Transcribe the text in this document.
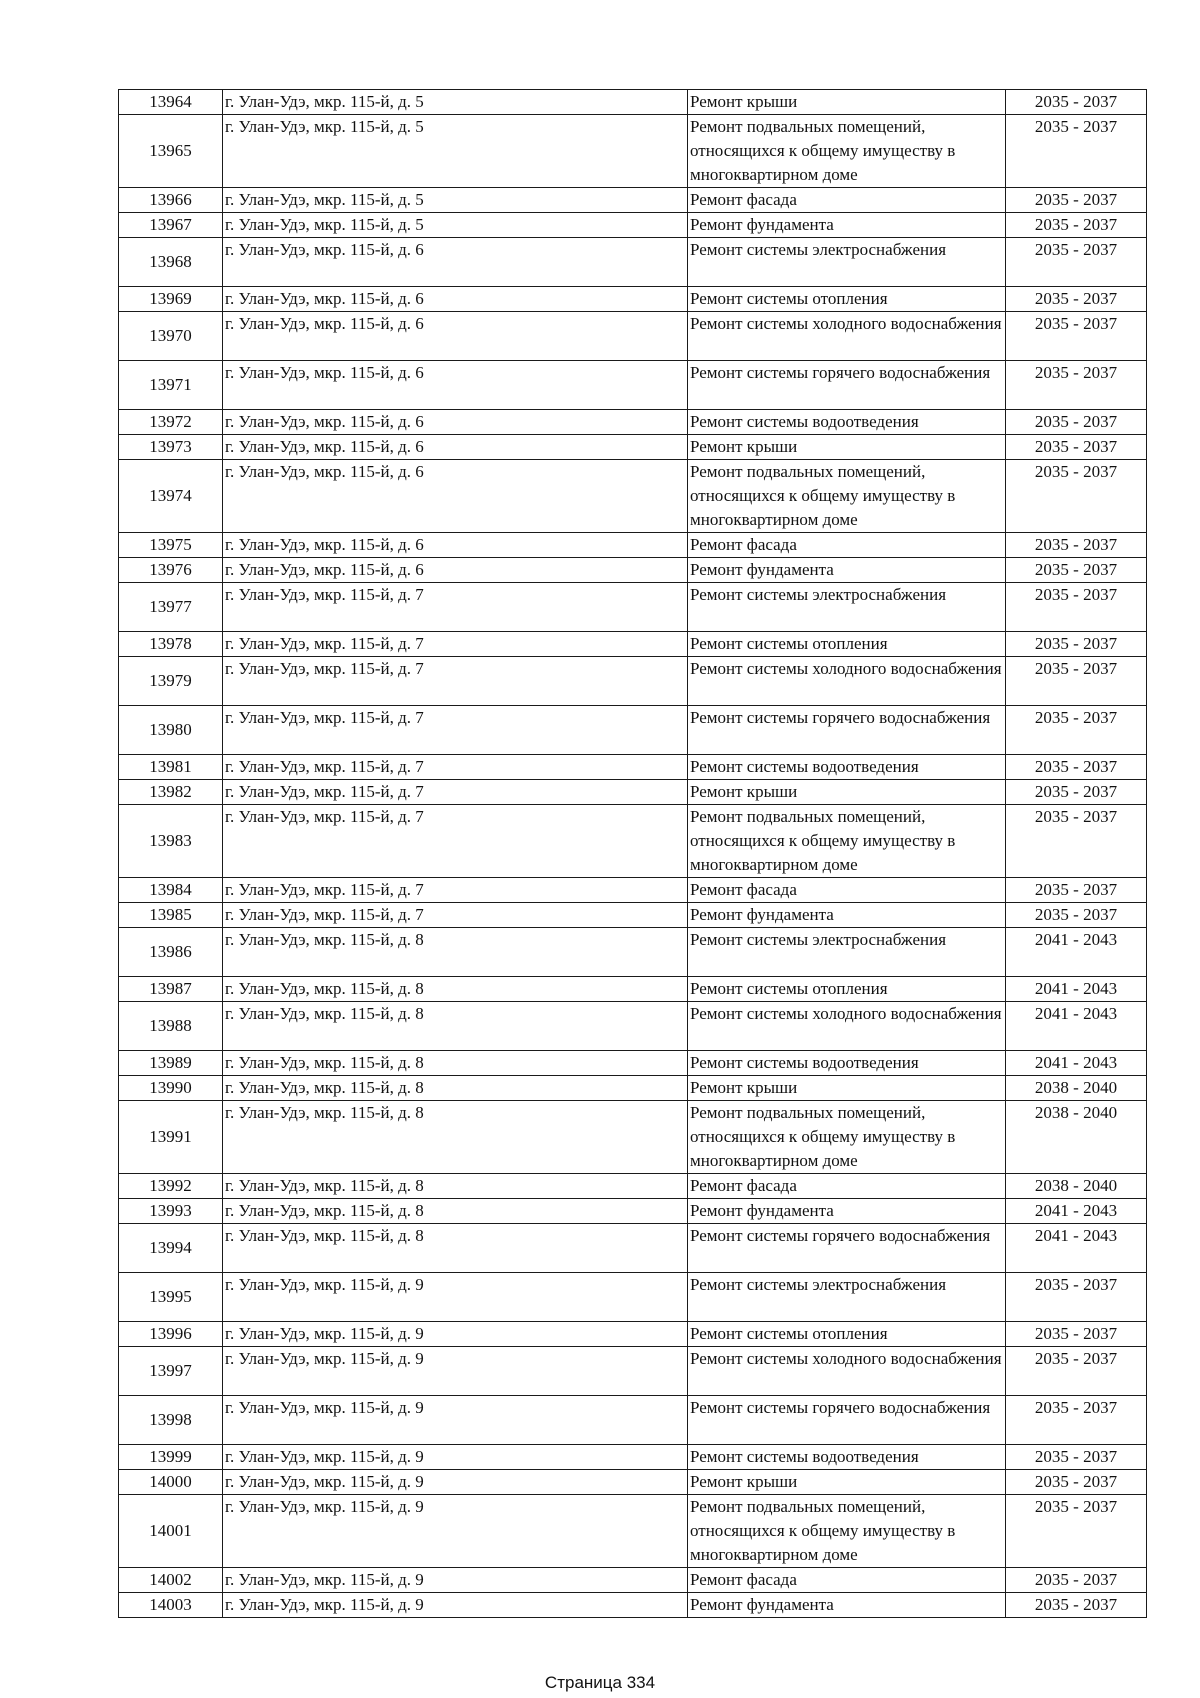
13964	г. Улан-Удэ, мкр. 115-й, д. 5	Ремонт крыши	2035 - 2037
13965	г. Улан-Удэ, мкр. 115-й, д. 5	Ремонт подвальных помещений, относящихся к общему имуществу в многоквартирном доме	2035 - 2037
13966	г. Улан-Удэ, мкр. 115-й, д. 5	Ремонт фасада	2035 - 2037
13967	г. Улан-Удэ, мкр. 115-й, д. 5	Ремонт фундамента	2035 - 2037
13968	г. Улан-Удэ, мкр. 115-й, д. 6	Ремонт системы электроснабжения	2035 - 2037
13969	г. Улан-Удэ, мкр. 115-й, д. 6	Ремонт системы отопления	2035 - 2037
13970	г. Улан-Удэ, мкр. 115-й, д. 6	Ремонт системы холодного водоснабжения	2035 - 2037
13971	г. Улан-Удэ, мкр. 115-й, д. 6	Ремонт системы горячего водоснабжения	2035 - 2037
13972	г. Улан-Удэ, мкр. 115-й, д. 6	Ремонт системы водоотведения	2035 - 2037
13973	г. Улан-Удэ, мкр. 115-й, д. 6	Ремонт крыши	2035 - 2037
13974	г. Улан-Удэ, мкр. 115-й, д. 6	Ремонт подвальных помещений, относящихся к общему имуществу в многоквартирном доме	2035 - 2037
13975	г. Улан-Удэ, мкр. 115-й, д. 6	Ремонт фасада	2035 - 2037
13976	г. Улан-Удэ, мкр. 115-й, д. 6	Ремонт фундамента	2035 - 2037
13977	г. Улан-Удэ, мкр. 115-й, д. 7	Ремонт системы электроснабжения	2035 - 2037
13978	г. Улан-Удэ, мкр. 115-й, д. 7	Ремонт системы отопления	2035 - 2037
13979	г. Улан-Удэ, мкр. 115-й, д. 7	Ремонт системы холодного водоснабжения	2035 - 2037
13980	г. Улан-Удэ, мкр. 115-й, д. 7	Ремонт системы горячего водоснабжения	2035 - 2037
13981	г. Улан-Удэ, мкр. 115-й, д. 7	Ремонт системы водоотведения	2035 - 2037
13982	г. Улан-Удэ, мкр. 115-й, д. 7	Ремонт крыши	2035 - 2037
13983	г. Улан-Удэ, мкр. 115-й, д. 7	Ремонт подвальных помещений, относящихся к общему имуществу в многоквартирном доме	2035 - 2037
13984	г. Улан-Удэ, мкр. 115-й, д. 7	Ремонт фасада	2035 - 2037
13985	г. Улан-Удэ, мкр. 115-й, д. 7	Ремонт фундамента	2035 - 2037
13986	г. Улан-Удэ, мкр. 115-й, д. 8	Ремонт системы электроснабжения	2041 - 2043
13987	г. Улан-Удэ, мкр. 115-й, д. 8	Ремонт системы отопления	2041 - 2043
13988	г. Улан-Удэ, мкр. 115-й, д. 8	Ремонт системы холодного водоснабжения	2041 - 2043
13989	г. Улан-Удэ, мкр. 115-й, д. 8	Ремонт системы водоотведения	2041 - 2043
13990	г. Улан-Удэ, мкр. 115-й, д. 8	Ремонт крыши	2038 - 2040
13991	г. Улан-Удэ, мкр. 115-й, д. 8	Ремонт подвальных помещений, относящихся к общему имуществу в многоквартирном доме	2038 - 2040
13992	г. Улан-Удэ, мкр. 115-й, д. 8	Ремонт фасада	2038 - 2040
13993	г. Улан-Удэ, мкр. 115-й, д. 8	Ремонт фундамента	2041 - 2043
13994	г. Улан-Удэ, мкр. 115-й, д. 8	Ремонт системы горячего водоснабжения	2041 - 2043
13995	г. Улан-Удэ, мкр. 115-й, д. 9	Ремонт системы электроснабжения	2035 - 2037
13996	г. Улан-Удэ, мкр. 115-й, д. 9	Ремонт системы отопления	2035 - 2037
13997	г. Улан-Удэ, мкр. 115-й, д. 9	Ремонт системы холодного водоснабжения	2035 - 2037
13998	г. Улан-Удэ, мкр. 115-й, д. 9	Ремонт системы горячего водоснабжения	2035 - 2037
13999	г. Улан-Удэ, мкр. 115-й, д. 9	Ремонт системы водоотведения	2035 - 2037
14000	г. Улан-Удэ, мкр. 115-й, д. 9	Ремонт крыши	2035 - 2037
14001	г. Улан-Удэ, мкр. 115-й, д. 9	Ремонт подвальных помещений, относящихся к общему имуществу в многоквартирном доме	2035 - 2037
14002	г. Улан-Удэ, мкр. 115-й, д. 9	Ремонт фасада	2035 - 2037
14003	г. Улан-Удэ, мкр. 115-й, д. 9	Ремонт фундамента	2035 - 2037
Страница 334
